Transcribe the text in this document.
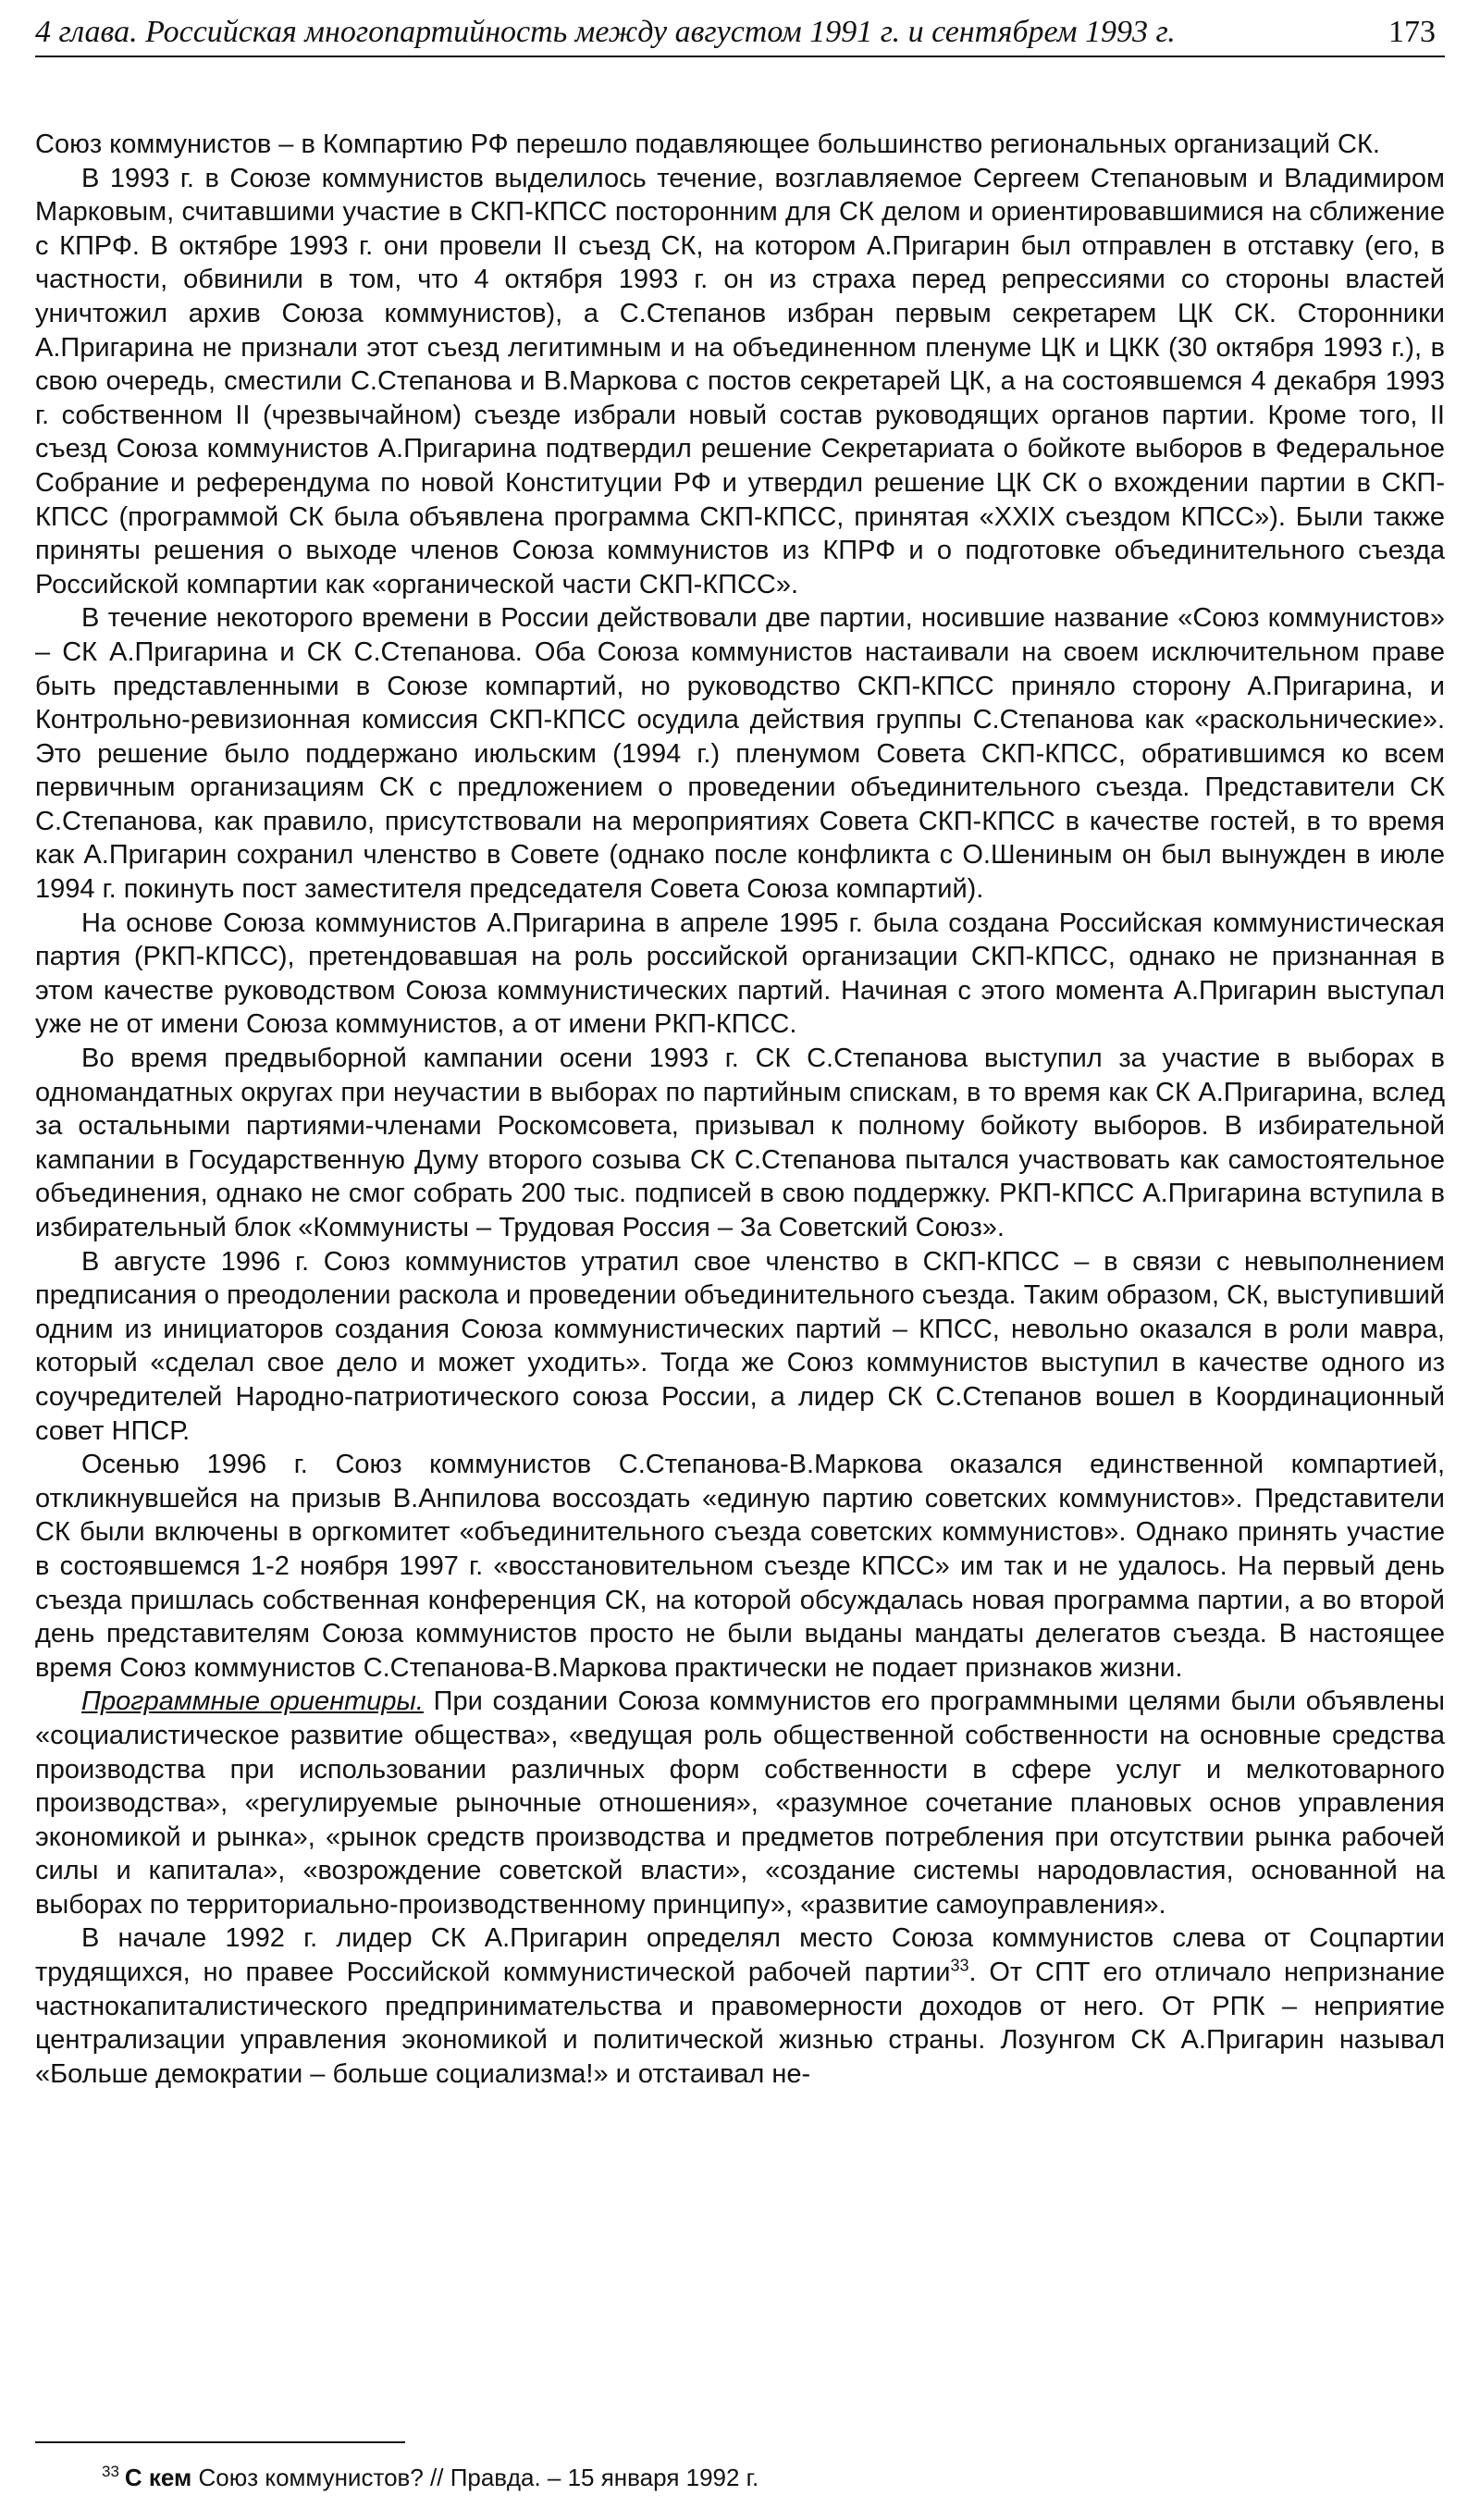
4 глава. Российская многопартийность между августом 1991 г. и сентябрем 1993 г.	173

Союз коммунистов – в Компартию РФ перешло подавляющее большинство региональных организаций СК.

В 1993 г. в Союзе коммунистов выделилось течение, возглавляемое Сергеем Степановым и Владимиром Марковым, считавшими участие в СКП-КПСС посторонним для СК делом и ориентировавшимися на сближение с КПРФ. В октябре 1993 г. они провели II съезд СК, на котором А.Пригарин был отправлен в отставку (его, в частности, обвинили в том, что 4 октября 1993 г. он из страха перед репрессиями со стороны властей уничтожил архив Союза коммунистов), а С.Степанов избран первым секретарем ЦК СК. Сторонники А.Пригарина не признали этот съезд легитимным и на объединенном пленуме ЦК и ЦКК (30 октября 1993 г.), в свою очередь, сместили С.Степанова и В.Маркова с постов секретарей ЦК, а на состоявшемся 4 декабря 1993 г. собственном II (чрезвычайном) съезде избрали новый состав руководящих органов партии. Кроме того, II съезд Союза коммунистов А.Пригарина подтвердил решение Секретариата о бойкоте выборов в Федеральное Собрание и референдума по новой Конституции РФ и утвердил решение ЦК СК о вхождении партии в СКП-КПСС (программой СК была объявлена программа СКП-КПСС, принятая «XXIX съездом КПСС»). Были также приняты решения о выходе членов Союза коммунистов из КПРФ и о подготовке объединительного съезда Российской компартии как «органической части СКП-КПСС».

В течение некоторого времени в России действовали две партии, носившие название «Союз коммунистов» – СК А.Пригарина и СК С.Степанова. Оба Союза коммунистов настаивали на своем исключительном праве быть представленными в Союзе компартий, но руководство СКП-КПСС приняло сторону А.Пригарина, и Контрольно-ревизионная комиссия СКП-КПСС осудила действия группы С.Степанова как «раскольнические». Это решение было поддержано июльским (1994 г.) пленумом Совета СКП-КПСС, обратившимся ко всем первичным организациям СК с предложением о проведении объединительного съезда. Представители СК С.Степанова, как правило, присутствовали на мероприятиях Совета СКП-КПСС в качестве гостей, в то время как А.Пригарин сохранил членство в Совете (однако после конфликта с О.Шениным он был вынужден в июле 1994 г. покинуть пост заместителя председателя Совета Союза компартий).

На основе Союза коммунистов А.Пригарина в апреле 1995 г. была создана Российская коммунистическая партия (РКП-КПСС), претендовавшая на роль российской организации СКП-КПСС, однако не признанная в этом качестве руководством Союза коммунистических партий. Начиная с этого момента А.Пригарин выступал уже не от имени Союза коммунистов, а от имени РКП-КПСС.

Во время предвыборной кампании осени 1993 г. СК С.Степанова выступил за участие в выборах в одномандатных округах при неучастии в выборах по партийным спискам, в то время как СК А.Пригарина, вслед за остальными партиями-членами Роскомсовета, призывал к полному бойкоту выборов. В избирательной кампании в Государственную Думу второго созыва СК С.Степанова пытался участвовать как самостоятельное объединения, однако не смог собрать 200 тыс. подписей в свою поддержку. РКП-КПСС А.Пригарина вступила в избирательный блок «Коммунисты – Трудовая Россия – За Советский Союз».

В августе 1996 г. Союз коммунистов утратил свое членство в СКП-КПСС – в связи с невыполнением предписания о преодолении раскола и проведении объединительного съезда. Таким образом, СК, выступивший одним из инициаторов создания Союза коммунистических партий – КПСС, невольно оказался в роли мавра, который «сделал свое дело и может уходить». Тогда же Союз коммунистов выступил в качестве одного из соучредителей Народно-патриотического союза России, а лидер СК С.Степанов вошел в Координационный совет НПСР.

Осенью 1996 г. Союз коммунистов С.Степанова-В.Маркова оказался единственной компартией, откликнувшейся на призыв В.Анпилова воссоздать «единую партию советских коммунистов». Представители СК были включены в оргкомитет «объединительного съезда советских коммунистов». Однако принять участие в состоявшемся 1-2 ноября 1997 г. «восстановительном съезде КПСС» им так и не удалось. На первый день съезда пришлась собственная конференция СК, на которой обсуждалась новая программа партии, а во второй день представителям Союза коммунистов просто не были выданы мандаты делегатов съезда. В настоящее время Союз коммунистов С.Степанова-В.Маркова практически не подает признаков жизни.

Программные ориентиры. При создании Союза коммунистов его программными целями были объявлены «социалистическое развитие общества», «ведущая роль общественной собственности на основные средства производства при использовании различных форм собственности в сфере услуг и мелкотоварного производства», «регулируемые рыночные отношения», «разумное сочетание плановых основ управления экономикой и рынка», «рынок средств производства и предметов потребления при отсутствии рынка рабочей силы и капитала», «возрождение советской власти», «создание системы народовластия, основанной на выборах по территориально-производственному принципу», «развитие самоуправления».

В начале 1992 г. лидер СК А.Пригарин определял место Союза коммунистов слева от Соцпартии трудящихся, но правее Российской коммунистической рабочей партии$^{33}$. От СПТ его отличало непризнание частнокапиталистического предпринимательства и правомерности доходов от него. От РПК – неприятие централизации управления экономикой и политической жизнью страны. Лозунгом СК А.Пригарин называл «Больше демократии – больше социализма!» и отстаивал не-

$^{33}$ С кем Союз коммунистов? // Правда. – 15 января 1992 г.
